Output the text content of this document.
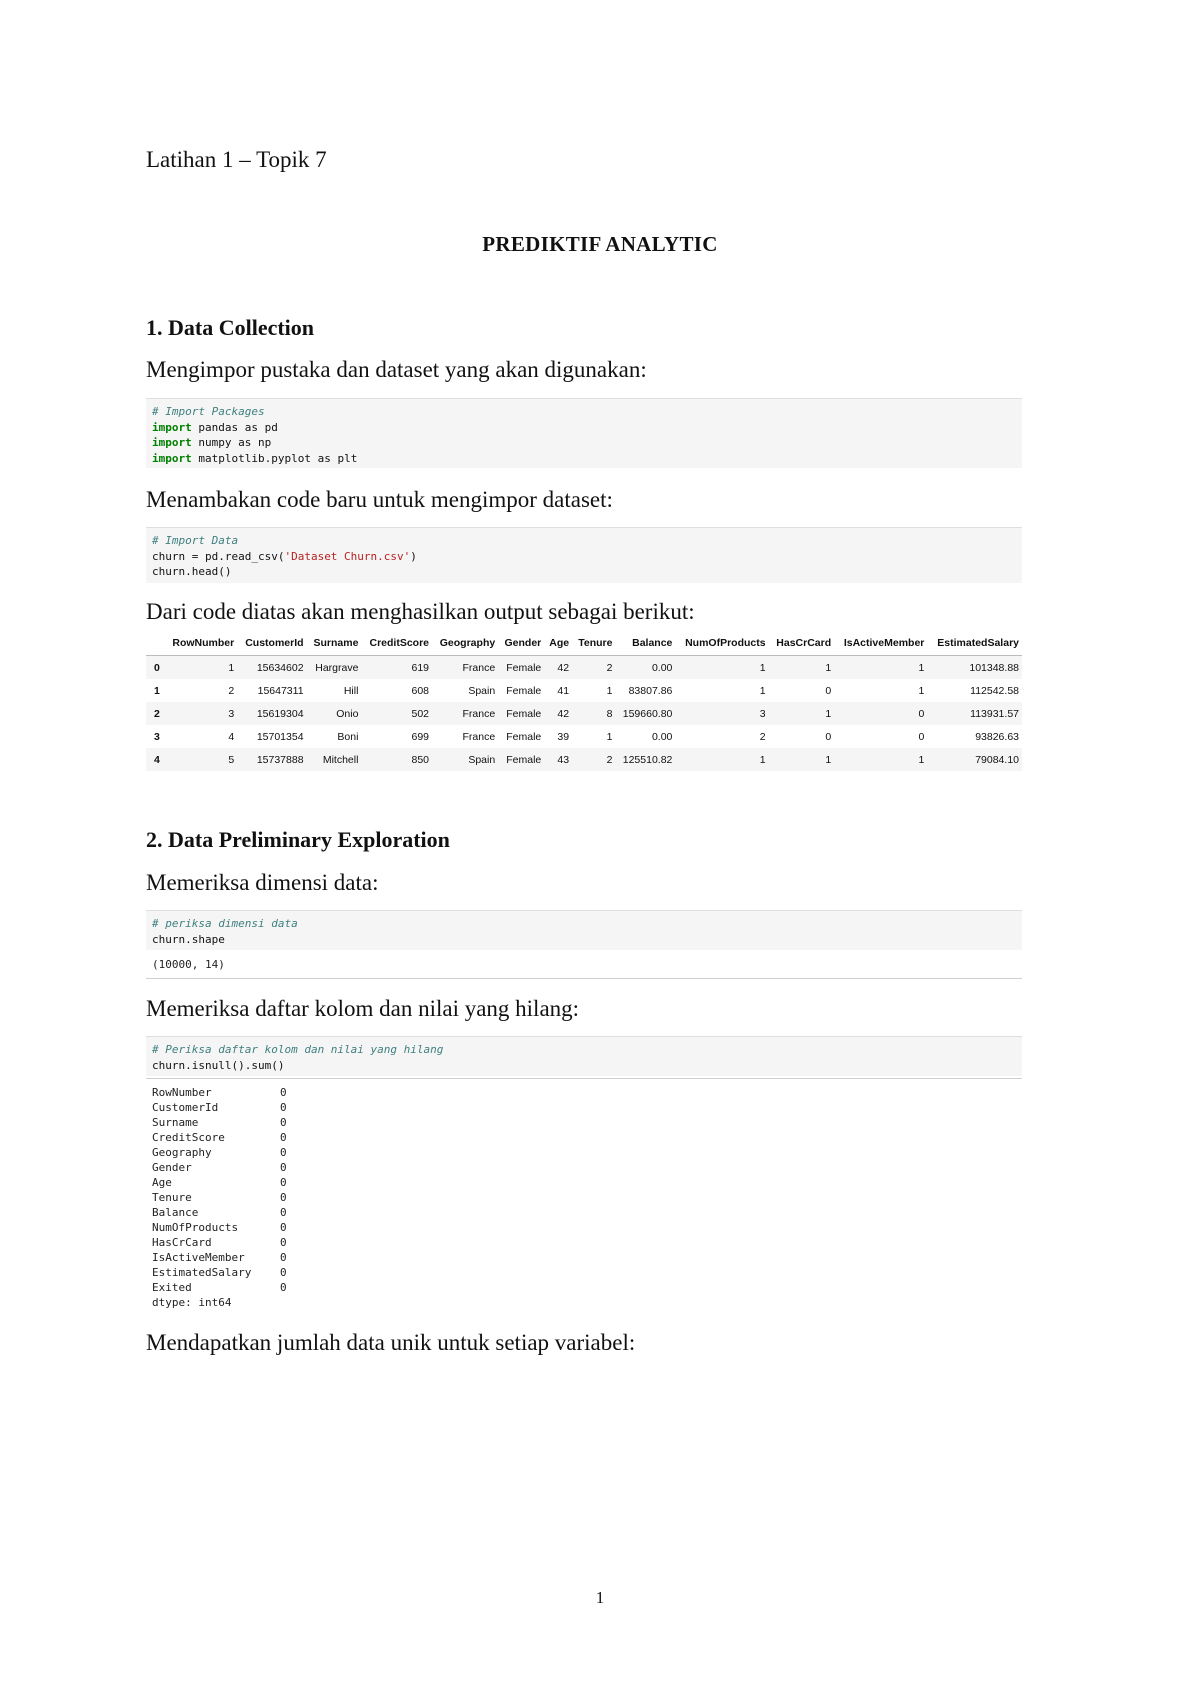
Latihan 1 – Topik 7
PREDIKTIF ANALYTIC
1. Data Collection
Mengimpor pustaka dan dataset yang akan digunakan:
# Import Packages
import pandas as pd
import numpy as np
import matplotlib.pyplot as plt
Menambakan code baru untuk mengimpor dataset:
# Import Data
churn = pd.read_csv('Dataset Churn.csv')
churn.head()
Dari code diatas akan menghasilkan output sebagai berikut:
	RowNumber	CustomerId	Surname	CreditScore	Geography	Gender	Age	Tenure	Balance	NumOfProducts	HasCrCard	IsActiveMember	EstimatedSalary
0	1	15634602	Hargrave	619	France	Female	42	2	0.00	1	1	1	101348.88
1	2	15647311	Hill	608	Spain	Female	41	1	83807.86	1	0	1	112542.58
2	3	15619304	Onio	502	France	Female	42	8	159660.80	3	1	0	113931.57
3	4	15701354	Boni	699	France	Female	39	1	0.00	2	0	0	93826.63
4	5	15737888	Mitchell	850	Spain	Female	43	2	125510.82	1	1	1	79084.10
2. Data Preliminary Exploration
Memeriksa dimensi data:
# periksa dimensi data
churn.shape
(10000, 14)
Memeriksa daftar kolom dan nilai yang hilang:
# Periksa daftar kolom dan nilai yang hilang
churn.isnull().sum()
RowNumber	0
CustomerId	0
Surname	0
CreditScore	0
Geography	0
Gender	0
Age	0
Tenure	0
Balance	0
NumOfProducts	0
HasCrCard	0
IsActiveMember	0
EstimatedSalary	0
Exited	0
dtype: int64
Mendapatkan jumlah data unik untuk setiap variabel:
1
